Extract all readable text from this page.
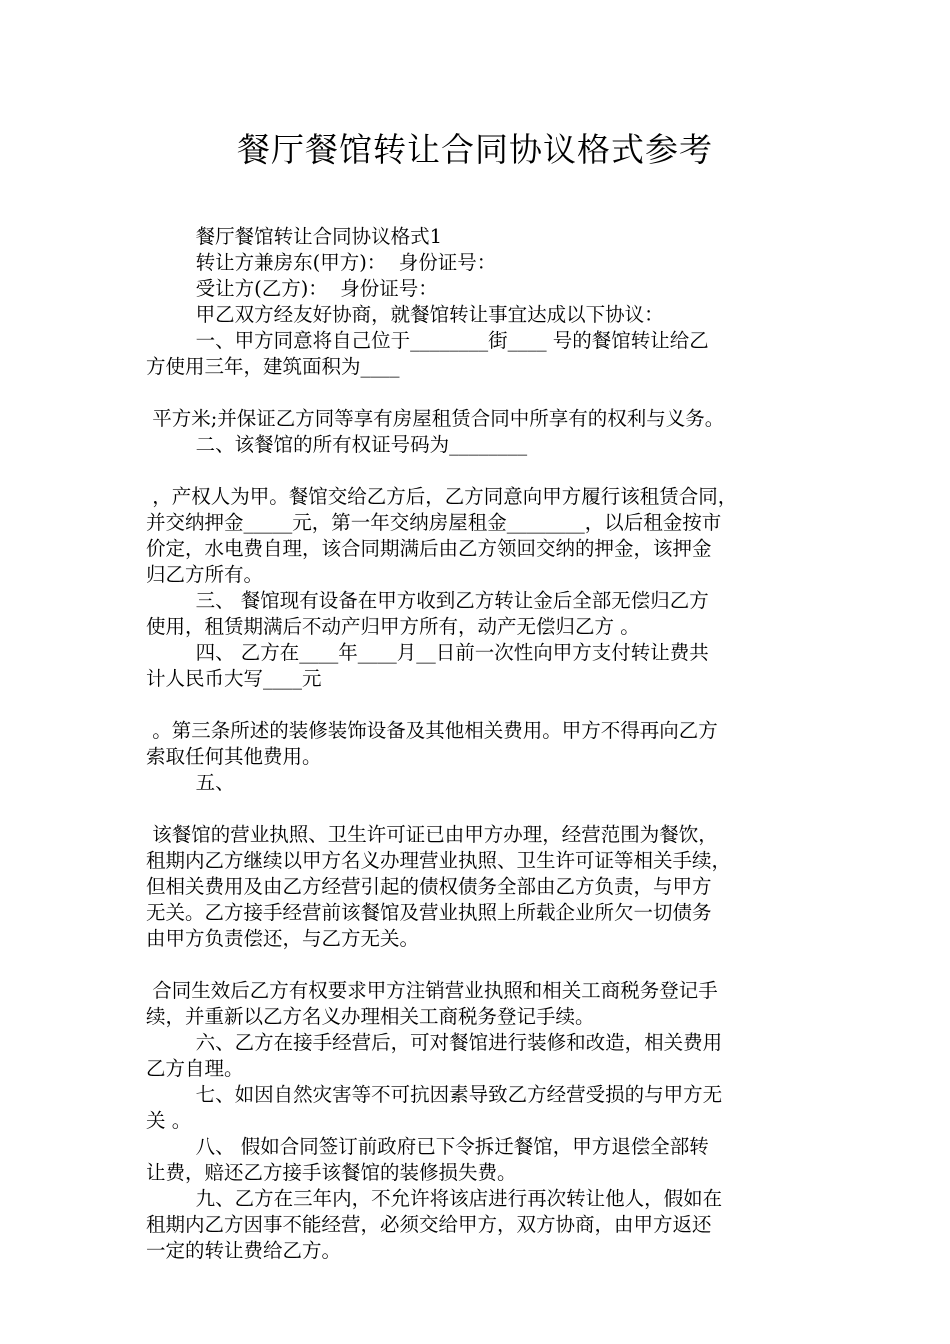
餐厅餐馆转让合同协议格式参考
餐厅餐馆转让合同协议格式1
转让方兼房东(甲方)：  身份证号：
受让方(乙方)：  身份证号：
甲乙双方经友好协商，就餐馆转让事宜达成以下协议：
一、甲方同意将自己位于________街____ 号的餐馆转让给乙
方使用三年，建筑面积为____
平方米;并保证乙方同等享有房屋租赁合同中所享有的权利与义务。
二、该餐馆的所有权证号码为________
，产权人为甲。餐馆交给乙方后，乙方同意向甲方履行该租赁合同，
并交纳押金_____元，第一年交纳房屋租金________，以后租金按市
价定，水电费自理，该合同期满后由乙方领回交纳的押金，该押金
归乙方所有。
三、 餐馆现有设备在甲方收到乙方转让金后全部无偿归乙方
使用，租赁期满后不动产归甲方所有，动产无偿归乙方 。
四、 乙方在____年____月__日前一次性向甲方支付转让费共
计人民币大写____元
。第三条所述的装修装饰设备及其他相关费用。甲方不得再向乙方
索取任何其他费用。
五、
该餐馆的营业执照、卫生许可证已由甲方办理，经营范围为餐饮，
租期内乙方继续以甲方名义办理营业执照、卫生许可证等相关手续，
但相关费用及由乙方经营引起的债权债务全部由乙方负责，与甲方
无关。乙方接手经营前该餐馆及营业执照上所载企业所欠一切债务
由甲方负责偿还，与乙方无关。
合同生效后乙方有权要求甲方注销营业执照和相关工商税务登记手
续，并重新以乙方名义办理相关工商税务登记手续。
六、乙方在接手经营后，可对餐馆进行装修和改造，相关费用
乙方自理。
七、如因自然灾害等不可抗因素导致乙方经营受损的与甲方无
关 。
八、 假如合同签订前政府已下令拆迁餐馆，甲方退偿全部转
让费，赔还乙方接手该餐馆的装修损失费。
九、乙方在三年内，不允许将该店进行再次转让他人，假如在
租期内乙方因事不能经营，必须交给甲方，双方协商，由甲方返还
一定的转让费给乙方。
